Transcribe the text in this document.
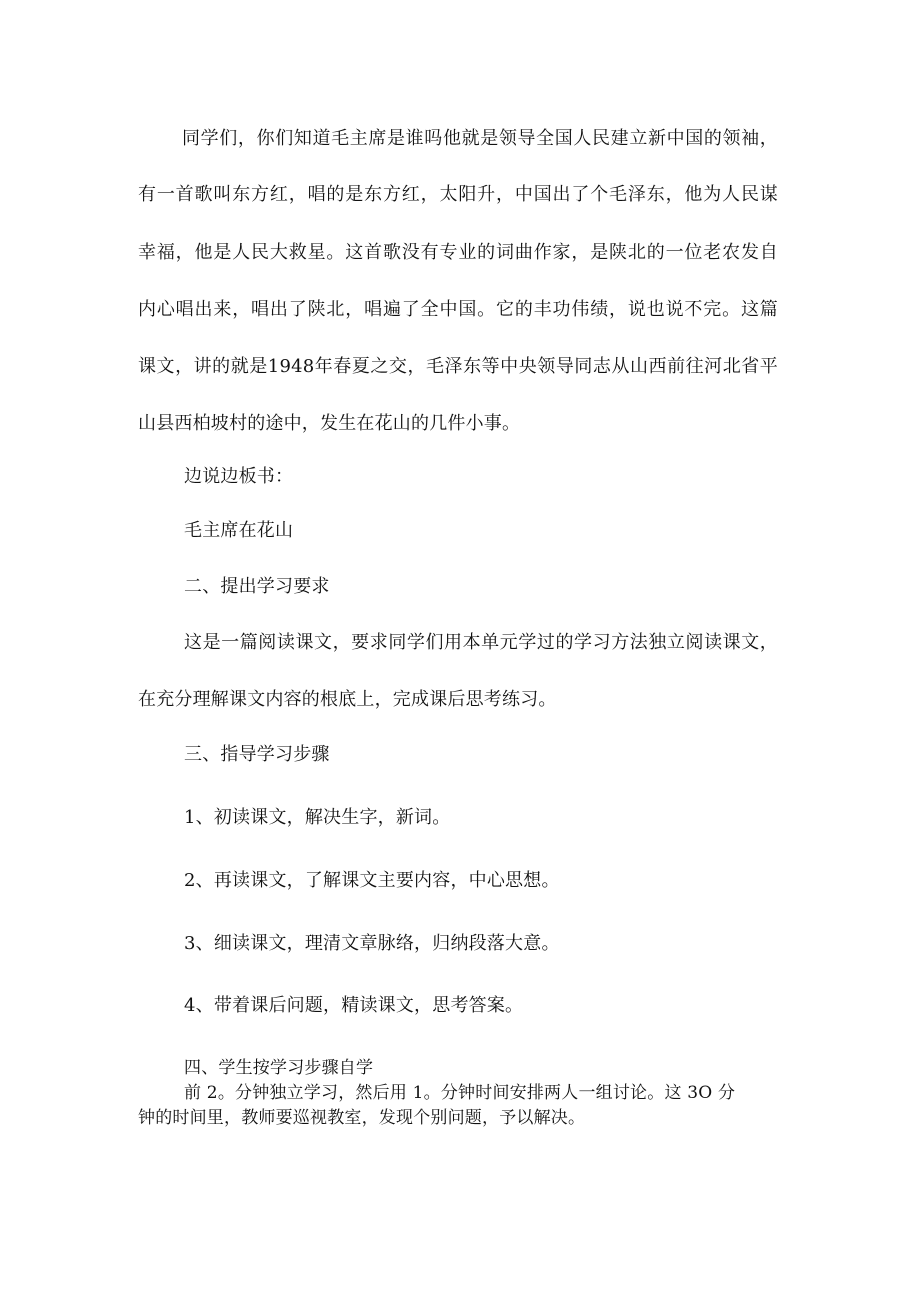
同学们，你们知道毛主席是谁吗他就是领导全国人民建立新中国的领袖，
有一首歌叫东方红，唱的是东方红，太阳升，中国出了个毛泽东，他为人民谋
幸福，他是人民大救星。这首歌没有专业的词曲作家，是陕北的一位老农发自
内心唱出来，唱出了陕北，唱遍了全中国。它的丰功伟绩，说也说不完。这篇
课文，讲的就是1948年春夏之交，毛泽东等中央领导同志从山西前往河北省平
山县西柏坡村的途中，发生在花山的几件小事。
边说边板书：
毛主席在花山
二、提出学习要求
这是一篇阅读课文，要求同学们用本单元学过的学习方法独立阅读课文，
在充分理解课文内容的根底上，完成课后思考练习。
三、指导学习步骤
1、初读课文，解决生字，新词。
2、再读课文，了解课文主要内容，中心思想。
3、细读课文，理清文章脉络，归纳段落大意。
4、带着课后问题，精读课文，思考答案。
四、学生按学习步骤自学
前 2。分钟独立学习，然后用 1。分钟时间安排两人一组讨论。这 3O 分
钟的时间里，教师要巡视教室，发现个别问题，予以解决。
